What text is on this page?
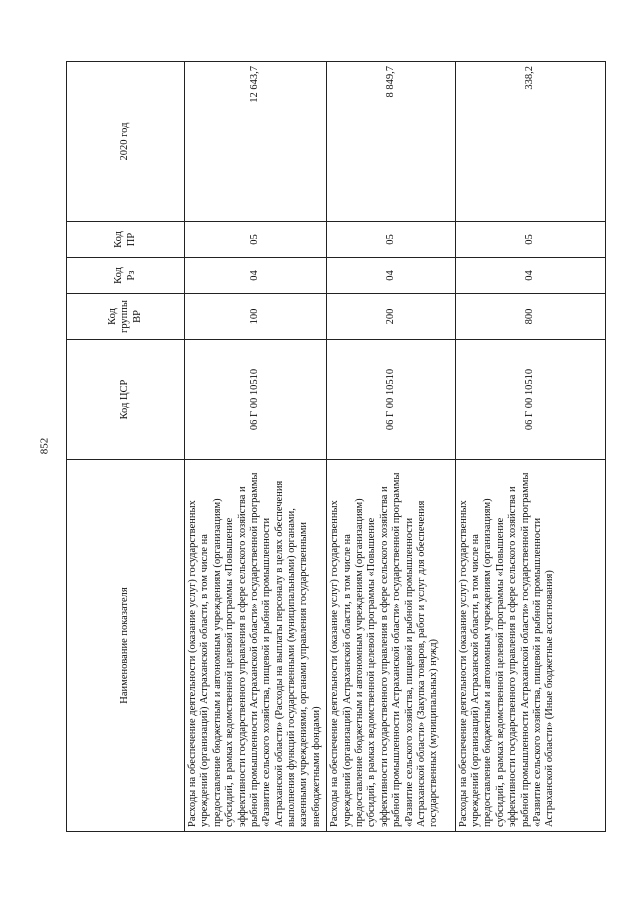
852
Наименование показателя	Код ЦСР	Код группы ВР	Код Рз	Код ПР	2020 год
Расходы на обеспечение деятельности (оказание услуг) государственных учреждений (организаций) Астраханской области, в том числе на предоставление бюджетным и автономным учреждениям (организациям) субсидий, в рамках ведомственной целевой программы «Повышение эффективности государственного управления в сфере сельского хозяйства и рыбной промышленности Астраханской области» государственной программы «Развитие сельского хозяйства, пищевой и рыбной промышленности Астраханской области» (Расходы на выплаты персоналу в целях обеспечения выполнения функций государственными (муниципальными) органами, казенными учреждениями, органами управления государственными внебюджетными фондами)	06 Г 00 10510	100	04	05	12 643,7
Расходы на обеспечение деятельности (оказание услуг) государственных учреждений (организаций) Астраханской области, в том числе на предоставление бюджетным и автономным учреждениям (организациям) субсидий, в рамках ведомственной целевой программы «Повышение эффективности государственного управления в сфере сельского хозяйства и рыбной промышленности Астраханской области» государственной программы «Развитие сельского хозяйства, пищевой и рыбной промышленности Астраханской области» (Закупка товаров, работ и услуг для обеспечения государственных (муниципальных) нужд)	06 Г 00 10510	200	04	05	8 849,7
Расходы на обеспечение деятельности (оказание услуг) государственных учреждений (организаций) Астраханской области, в том числе на предоставление бюджетным и автономным учреждениям (организациям) субсидий, в рамках ведомственной целевой программы «Повышение эффективности государственного управления в сфере сельского хозяйства и рыбной промышленности Астраханской области» государственной программы «Развитие сельского хозяйства, пищевой и рыбной промышленности Астраханской области» (Иные бюджетные ассигнования)	06 Г 00 10510	800	04	05	338,2
